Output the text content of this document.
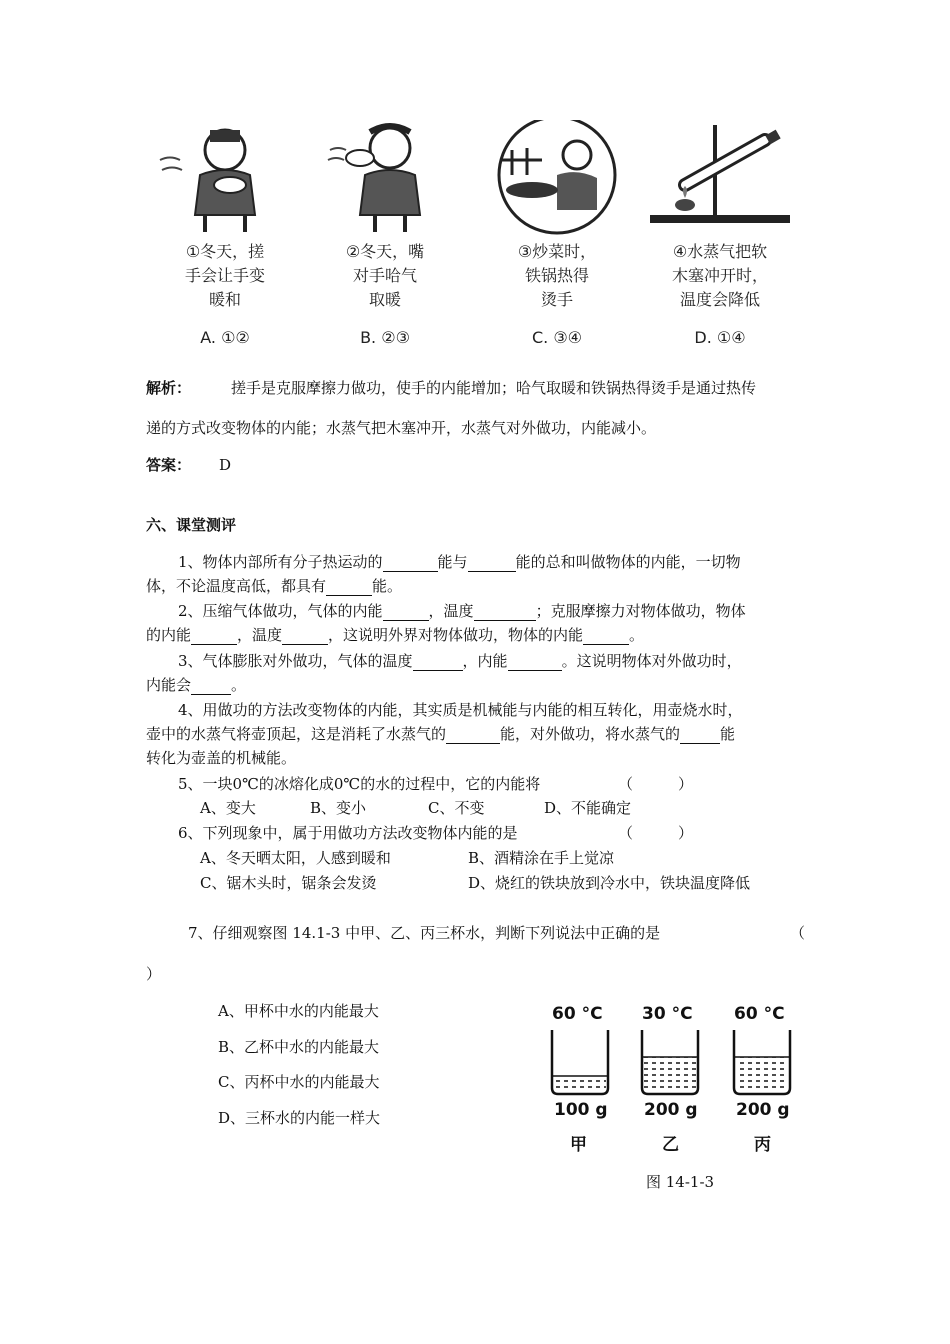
①冬天，搓
手会让手变
暖和
②冬天，嘴
对手哈气
取暖
③炒菜时，
铁锅热得
烫手
④水蒸气把软
木塞冲开时，
温度会降低
A. ①②	B. ②③	C. ③④	D. ①④
解析：	搓手是克服摩擦力做功，使手的内能增加；哈气取暖和铁锅热得烫手是通过热传
递的方式改变物体的内能；水蒸气把木塞冲开，水蒸气对外做功，内能减小。
答案： D
六、课堂测评
1、物体内部所有分子热运动的	能与	能的总和叫做物体的内能，一切物
体，不论温度高低，都具有	能。
2、压缩气体做功，气体的内能	，温度	；克服摩擦力对物体做功，物体
的内能	，温度	，这说明外界对物体做功，物体的内能	。
3、气体膨胀对外做功，气体的温度	，内能	。这说明物体对外做功时，
内能会	。
4、用做功的方法改变物体的内能，其实质是机械能与内能的相互转化，用壶烧水时，
壶中的水蒸气将壶顶起，这是消耗了水蒸气的	能，对外做功，将水蒸气的	能
转化为壶盖的机械能。
5、一块0℃的冰熔化成0℃的水的过程中，它的内能将	（　　　）
A、变大	B、变小	C、不变	D、不能确定
6、下列现象中，属于用做功方法改变物体内能的是	（　　　）
A、冬天晒太阳，人感到暖和	B、酒精涂在手上觉凉
C、锯木头时，锯条会发烫	D、烧红的铁块放到冷水中，铁块温度降低
7、仔细观察图 14.1-3 中甲、乙、丙三杯水，判断下列说法中正确的是	（
）
A、甲杯中水的内能最大
B、乙杯中水的内能最大
C、丙杯中水的内能最大
D、三杯水的内能一样大
60 °C 30 °C 60 °C
100 g 200 g 200 g
甲	乙	丙
图 14-1-3
